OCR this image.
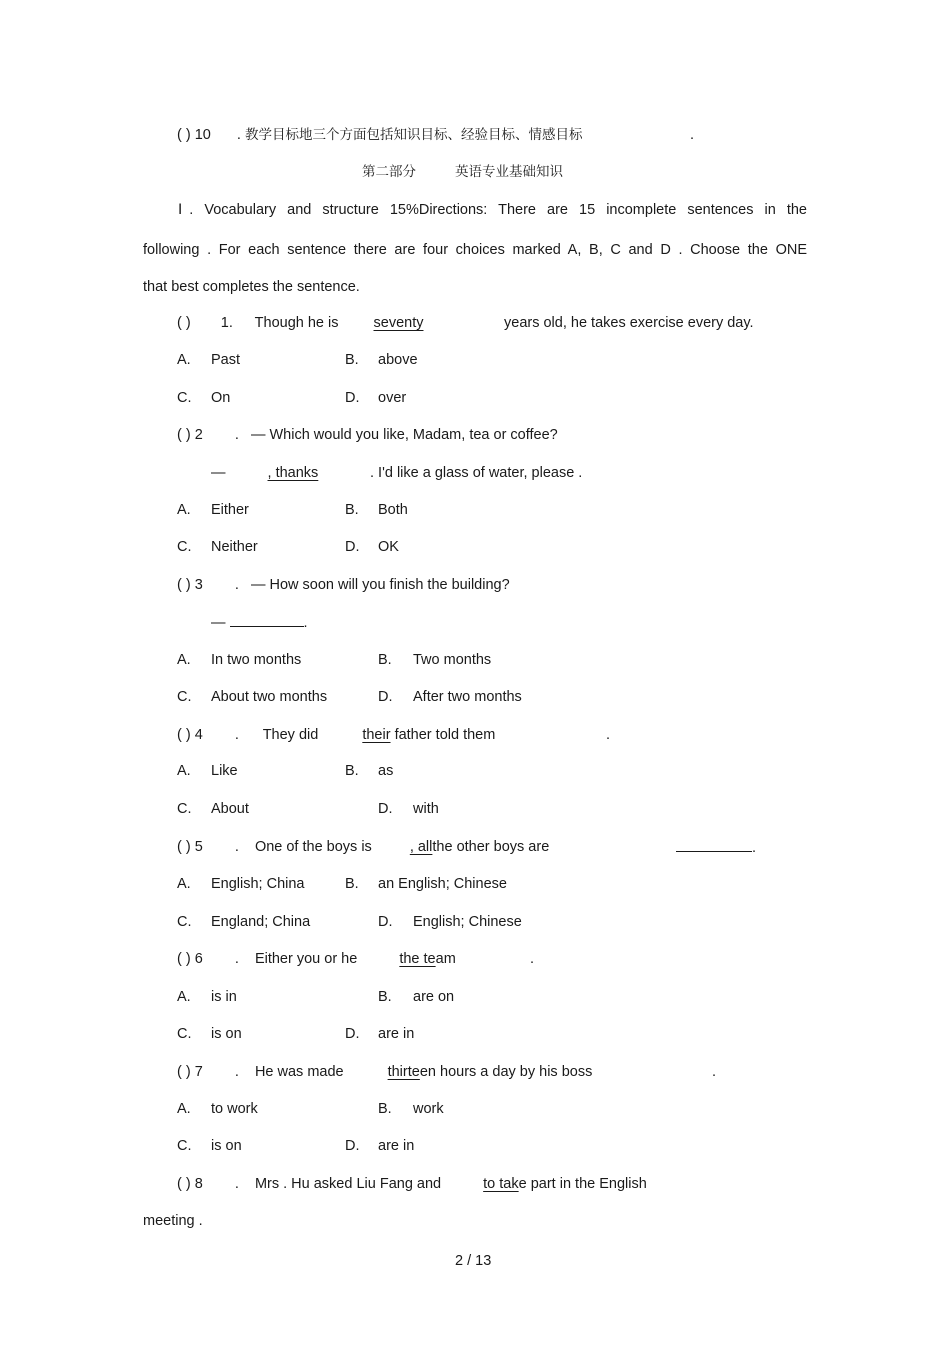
( ) 10 . 教学目标地三个方面包括知识目标、经验目标、情感目标	.
第二部分	英语专业基础知识
Ⅰ. Vocabulary and structure 15%Directions: There are 15 incomplete sentences in the
following . For each sentence there are four choices marked A, B, C and D . Choose the ONE
that best completes the sentence.
( ) 1. Though he is seventy	years old, he takes exercise every day.
A. Past	B. above
C. On	D. over
( ) 2 . — Which would you like, Madam, tea or coffee?
—	, thanks	. I'd like a glass of water, please .
A. Either	B. Both
C. Neither	D. OK
( ) 3 . — How soon will you finish the building?
—	.
A. In two months	B. Two months
C. About two months	D. After two months
( ) 4 . They did	their father told them	.
A. Like	B. as
C. About	D. with
( ) 5 . One of the boys is	, allthe other boys are	.
A. English; China	B. an English; Chinese
C. England; China	D. English; Chinese
( ) 6 . Either you or he	the team	.
A. is in	B. are on
C. is on	D. are in
( ) 7 . He was made	thirteen hours a day by his boss	.
A. to work	B. work
C. is on	D. are in
( ) 8 . Mrs . Hu asked Liu Fang and	to take part in the English
meeting .
2 / 13
